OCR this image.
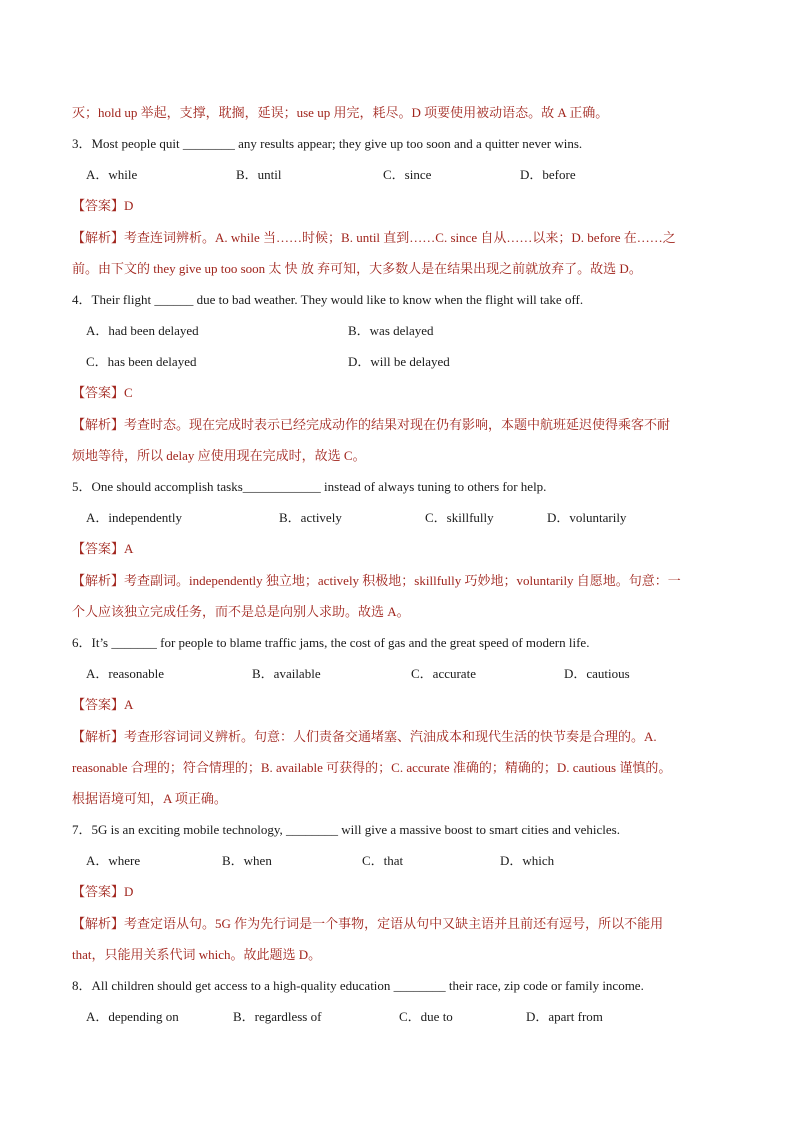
灭；hold up 举起，支撑，耽搁，延误；use up 用完，耗尽。D 项要使用被动语态。故 A 正确。
3．Most people quit ________ any results appear; they give up too soon and a quitter never wins.
A．while	B．until	C．since	D．before
【答案】D
【解析】考查连词辨析。A. while 当……时候；B. until 直到……C. since 自从……以来；D. before 在……之
前。由下文的 they give up too soon 太 快 放 弃可知，大多数人是在结果出现之前就放弃了。故选 D。
4．Their flight ______ due to bad weather. They would like to know when the flight will take off.
A．had been delayed	B．was delayed
C．has been delayed	D．will be delayed
【答案】C
【解析】考查时态。现在完成时表示已经完成动作的结果对现在仍有影响，本题中航班延迟使得乘客不耐
烦地等待，所以 delay 应使用现在完成时，故选 C。
5．One should accomplish tasks____________ instead of always tuning to others for help.
A．independently	B．actively	C．skillfully	D．voluntarily
【答案】A
【解析】考查副词。independently 独立地；actively 积极地；skillfully 巧妙地；voluntarily 自愿地。句意：一
个人应该独立完成任务，而不是总是向别人求助。故选 A。
6．It’s _______ for people to blame traffic jams, the cost of gas and the great speed of modern life.
A．reasonable	B．available	C．accurate	D．cautious
【答案】A
【解析】考查形容词词义辨析。句意：人们责备交通堵塞、汽油成本和现代生活的快节奏是合理的。A.
reasonable 合理的；符合情理的；B. available 可获得的；C. accurate 准确的；精确的；D. cautious 谨慎的。
根据语境可知，A 项正确。
7．5G is an exciting mobile technology, ________ will give a massive boost to smart cities and vehicles.
A．where	B．when	C．that	D．which
【答案】D
【解析】考查定语从句。5G 作为先行词是一个事物，定语从句中又缺主语并且前还有逗号，所以不能用
that，只能用关系代词 which。故此题选 D。
8．All children should get access to a high-quality education ________ their race, zip code or family income.
A．depending on	B．regardless of	C．due to	D．apart from
